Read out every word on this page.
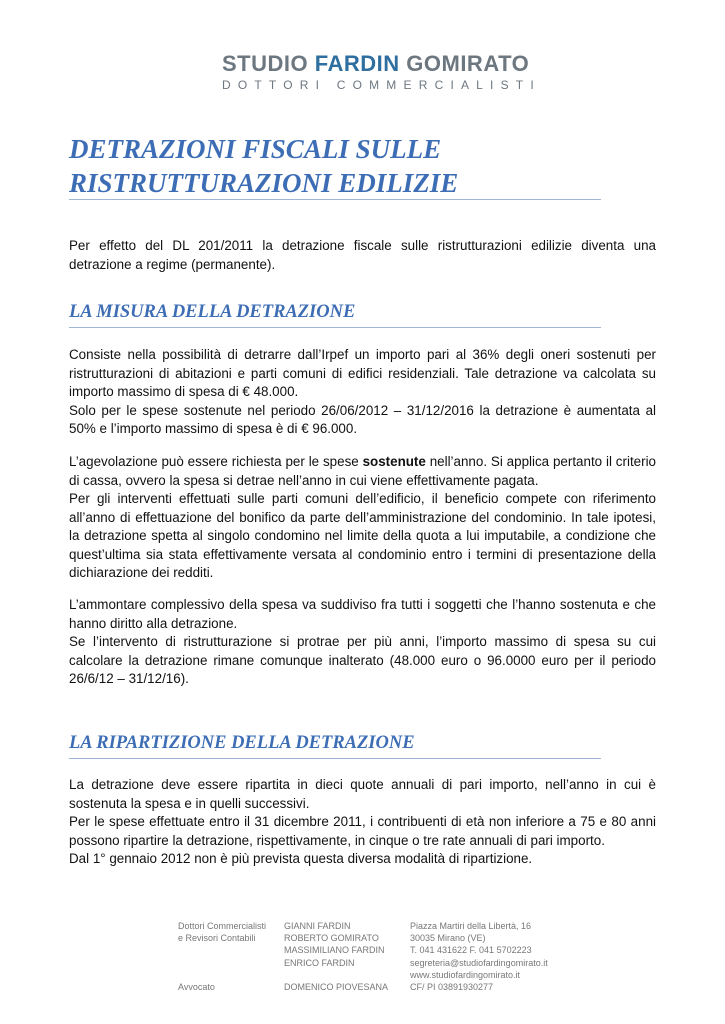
STUDIO FARDIN GOMIRATO
DOTTORI COMMERCIALISTI
DETRAZIONI FISCALI SULLE
RISTRUTTURAZIONI EDILIZIE

Per effetto del DL 201/2011 la detrazione fiscale sulle ristrutturazioni edilizie diventa una
detrazione a regime (permanente).

LA MISURA DELLA DETRAZIONE

Consiste nella possibilità di detrarre dall’Irpef un importo pari al 36% degli oneri sostenuti per
ristrutturazioni di abitazioni e parti comuni di edifici residenziali. Tale detrazione va calcolata su
importo massimo di spesa di € 48.000.
Solo per le spese sostenute nel periodo 26/06/2012 – 31/12/2016 la detrazione è aumentata al
50% e l’importo massimo di spesa è di € 96.000.

L’agevolazione può essere richiesta per le spese sostenute nell’anno. Si applica pertanto il criterio
di cassa, ovvero la spesa si detrae nell’anno in cui viene effettivamente pagata.
Per gli interventi effettuati sulle parti comuni dell’edificio, il beneficio compete con riferimento
all’anno di effettuazione del bonifico da parte dell’amministrazione del condominio. In tale ipotesi,
la detrazione spetta al singolo condomino nel limite della quota a lui imputabile, a condizione che
quest’ultima sia stata effettivamente versata al condominio entro i termini di presentazione della
dichiarazione dei redditi.

L’ammontare complessivo della spesa va suddiviso fra tutti i soggetti che l’hanno sostenuta e che
hanno diritto alla detrazione.
Se l’intervento di ristrutturazione si protrae per più anni, l’importo massimo di spesa su cui
calcolare la detrazione rimane comunque inalterato (48.000 euro o 96.0000 euro per il periodo
26/6/12 – 31/12/16).

LA RIPARTIZIONE DELLA DETRAZIONE

La detrazione deve essere ripartita in dieci quote annuali di pari importo, nell’anno in cui è
sostenuta la spesa e in quelli successivi.
Per le spese effettuate entro il 31 dicembre 2011, i contribuenti di età non inferiore a 75 e 80 anni
possono ripartire la detrazione, rispettivamente, in cinque o tre rate annuali di pari importo.
Dal 1° gennaio 2012 non è più prevista questa diversa modalità di ripartizione.

Dottori Commercialisti
e Revisori Contabili
Avvocato
GIANNI FARDIN
ROBERTO GOMIRATO
MASSIMILIANO FARDIN
ENRICO FARDIN
DOMENICO PIOVESANA
Piazza Martiri della Libertà, 16
30035 Mirano (VE)
T. 041 431622 F. 041 5702223
segreteria@studiofardingomirato.it
www.studiofardingomirato.it
CF/ PI 03891930277
